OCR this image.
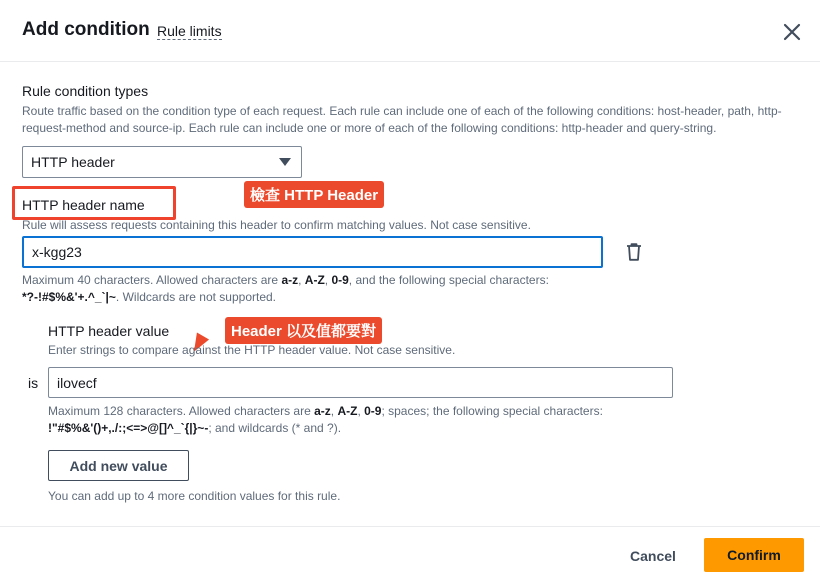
Add condition Rule limits
Rule condition types
Route traffic based on the condition type of each request. Each rule can include one of each of the following conditions: host-header, path, http-request-method and source-ip. Each rule can include one or more of each of the following conditions: http-header and query-string.
HTTP header
HTTP header name
檢查 HTTP Header
Rule will assess requests containing this header to confirm matching values. Not case sensitive.
x-kgg23
Maximum 40 characters. Allowed characters are a-z, A-Z, 0-9, and the following special characters:
*?-!#$%&'+.^_`|~. Wildcards are not supported.
Header 以及值都要對
HTTP header value
Enter strings to compare against the HTTP header value. Not case sensitive.
is
ilovecf
Maximum 128 characters. Allowed characters are a-z, A-Z, 0-9; spaces; the following special characters:
!"#$%&'()+,./:;<=>@[]^_`{|}~-; and wildcards (* and ?).
Add new value
You can add up to 4 more condition values for this rule.
Cancel	Confirm
